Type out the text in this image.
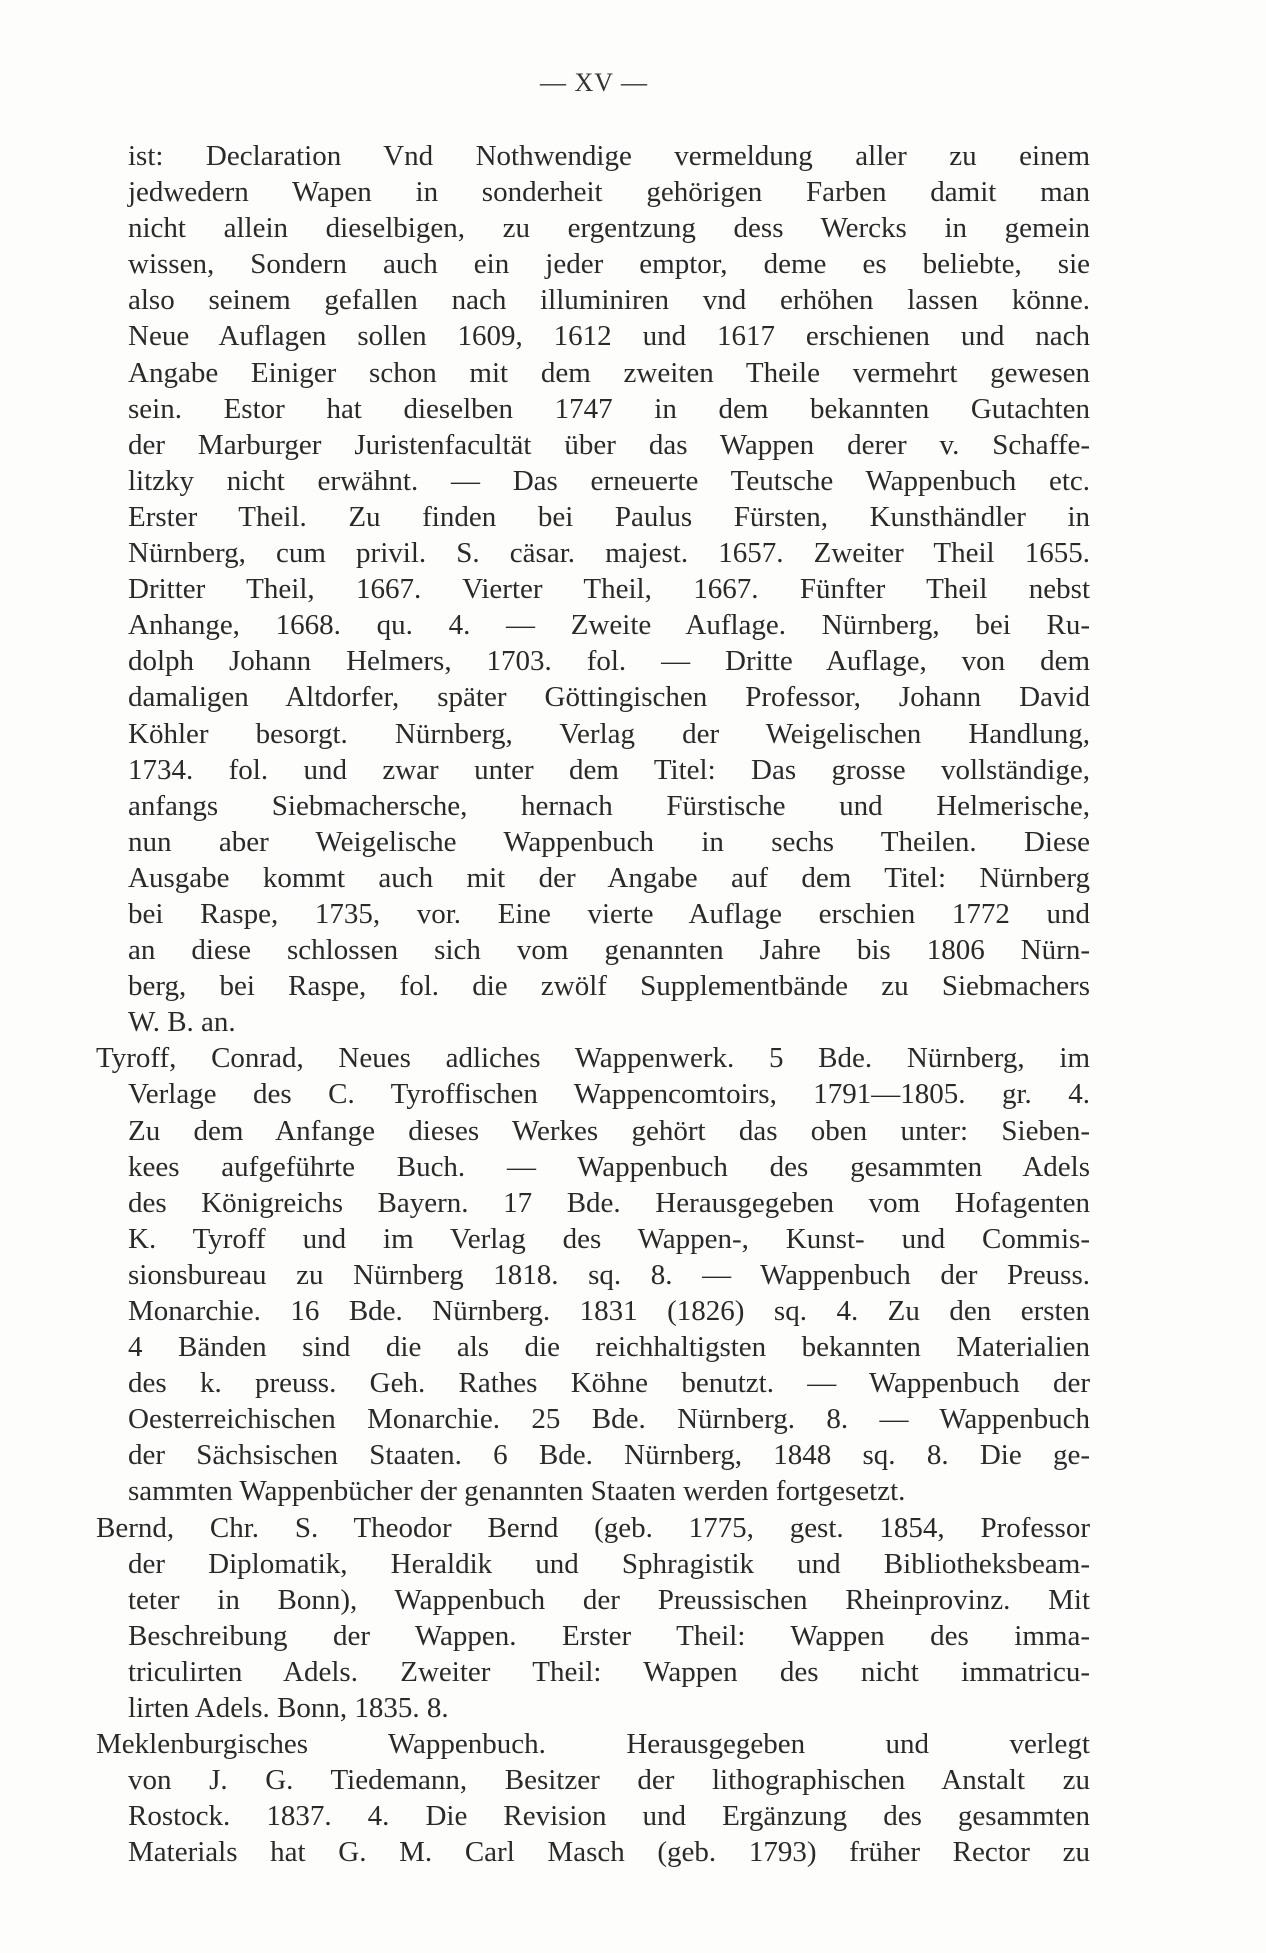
— XV —
ist: Declaration Vnd Nothwendige vermeldung aller zu einem
jedwedern Wapen in sonderheit gehörigen Farben damit man
nicht allein dieselbigen, zu ergentzung dess Wercks in gemein
wissen, Sondern auch ein jeder emptor, deme es beliebte, sie
also seinem gefallen nach illuminiren vnd erhöhen lassen könne.
Neue Auflagen sollen 1609, 1612 und 1617 erschienen und nach
Angabe Einiger schon mit dem zweiten Theile vermehrt gewesen
sein. Estor hat dieselben 1747 in dem bekannten Gutachten
der Marburger Juristenfacultät über das Wappen derer v. Schaffe-
litzky nicht erwähnt. — Das erneuerte Teutsche Wappenbuch etc.
Erster Theil. Zu finden bei Paulus Fürsten, Kunsthändler in
Nürnberg, cum privil. S. cäsar. majest. 1657. Zweiter Theil 1655.
Dritter Theil, 1667. Vierter Theil, 1667. Fünfter Theil nebst
Anhange, 1668. qu. 4. — Zweite Auflage. Nürnberg, bei Ru-
dolph Johann Helmers, 1703. fol. — Dritte Auflage, von dem
damaligen Altdorfer, später Göttingischen Professor, Johann David
Köhler besorgt. Nürnberg, Verlag der Weigelischen Handlung,
1734. fol. und zwar unter dem Titel: Das grosse vollständige,
anfangs Siebmachersche, hernach Fürstische und Helmerische,
nun aber Weigelische Wappenbuch in sechs Theilen. Diese
Ausgabe kommt auch mit der Angabe auf dem Titel: Nürnberg
bei Raspe, 1735, vor. Eine vierte Auflage erschien 1772 und
an diese schlossen sich vom genannten Jahre bis 1806 Nürn-
berg, bei Raspe, fol. die zwölf Supplementbände zu Siebmachers
W. B. an.
Tyroff, Conrad, Neues adliches Wappenwerk. 5 Bde. Nürnberg, im
Verlage des C. Tyroffischen Wappencomtoirs, 1791—1805. gr. 4.
Zu dem Anfange dieses Werkes gehört das oben unter: Sieben-
kees aufgeführte Buch. — Wappenbuch des gesammten Adels
des Königreichs Bayern. 17 Bde. Herausgegeben vom Hofagenten
K. Tyroff und im Verlag des Wappen-, Kunst- und Commis-
sionsbureau zu Nürnberg 1818. sq. 8. — Wappenbuch der Preuss.
Monarchie. 16 Bde. Nürnberg. 1831 (1826) sq. 4. Zu den ersten
4 Bänden sind die als die reichhaltigsten bekannten Materialien
des k. preuss. Geh. Rathes Köhne benutzt. — Wappenbuch der
Oesterreichischen Monarchie. 25 Bde. Nürnberg. 8. — Wappenbuch
der Sächsischen Staaten. 6 Bde. Nürnberg, 1848 sq. 8. Die ge-
sammten Wappenbücher der genannten Staaten werden fortgesetzt.
Bernd, Chr. S. Theodor Bernd (geb. 1775, gest. 1854, Professor
der Diplomatik, Heraldik und Sphragistik und Bibliotheksbeam-
teter in Bonn), Wappenbuch der Preussischen Rheinprovinz. Mit
Beschreibung der Wappen. Erster Theil: Wappen des imma-
triculirten Adels. Zweiter Theil: Wappen des nicht immatricu-
lirten Adels. Bonn, 1835. 8.
Meklenburgisches Wappenbuch. Herausgegeben und verlegt
von J. G. Tiedemann, Besitzer der lithographischen Anstalt zu
Rostock. 1837. 4. Die Revision und Ergänzung des gesammten
Materials hat G. M. Carl Masch (geb. 1793) früher Rector zu
